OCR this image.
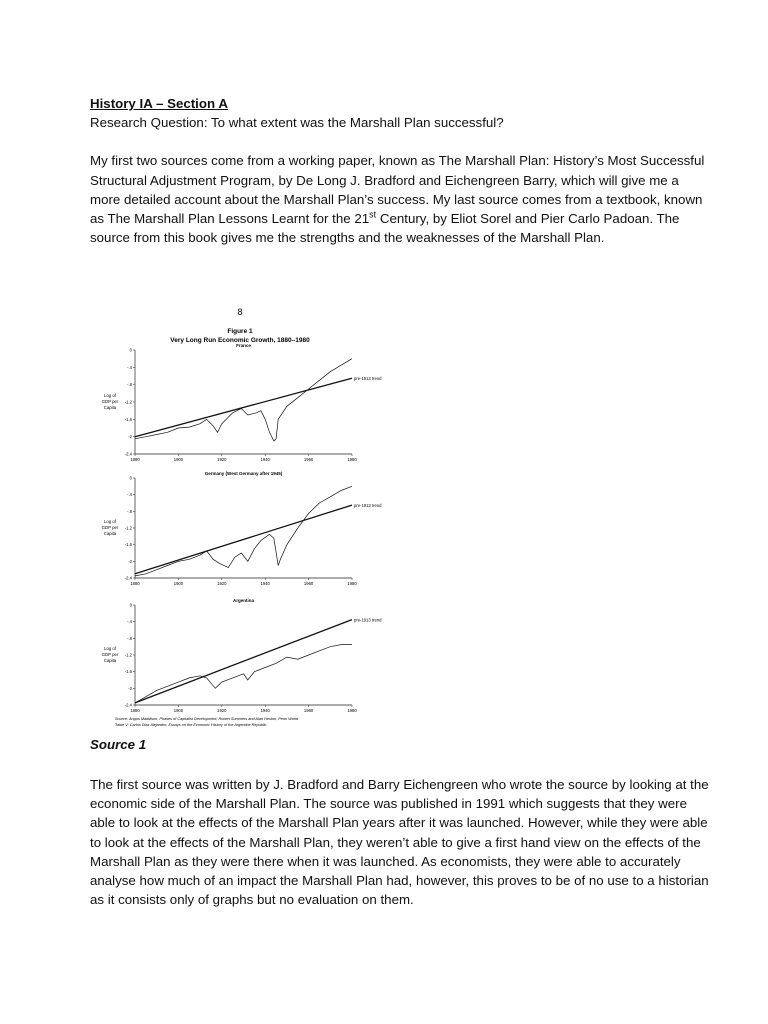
History IA – Section A

Research Question: To what extent was the Marshall Plan successful?

My first two sources come from a working paper, known as The Marshall Plan: History’s Most Successful Structural Adjustment Program, by De Long J. Bradford and Eichengreen Barry, which will give me a more detailed account about the Marshall Plan’s success. My last source comes from a textbook, known as The Marshall Plan Lessons Learnt for the 21st Century, by Eliot Sorel and Pier Carlo Padoan. The source from this book gives me the strengths and the weaknesses of the Marshall Plan.

8
Figure 1
Very Long Run Economic Growth, 1880–1980
France
0
-.4
-.8
-1.2
-1.6
-2
-2.4
1880	1900	1920	1940	1960	1980
Log of
GDP per
Capita
pre-1913 trend
Germany (West Germany after 1945)
0
-.4
-.8
-1.2
-1.6
-2
-2.4
1880	1900	1920	1940	1960	1980
Log of
GDP per
Capita
pre-1913 trend
Argentina
0
-.4
-.8
-1.2
-1.6
-2
-2.4
1880	1900	1920	1940	1960	1980
Log of
GDP per
Capita
pre-1913 trend
Source: Angus Maddison, Phases of Capitalist Development; Robert Summers and Alan Heston, Penn World
Table V; Carlos Diaz Alejandro, Essays on the Economic History of the Argentine Republic.
Source 1

The first source was written by J. Bradford and Barry Eichengreen who wrote the source by looking at the economic side of the Marshall Plan. The source was published in 1991 which suggests that they were able to look at the effects of the Marshall Plan years after it was launched. However, while they were able to look at the effects of the Marshall Plan, they weren’t able to give a first hand view on the effects of the Marshall Plan as they were there when it was launched. As economists, they were able to accurately analyse how much of an impact the Marshall Plan had, however, this proves to be of no use to a historian as it consists only of graphs but no evaluation on them.
